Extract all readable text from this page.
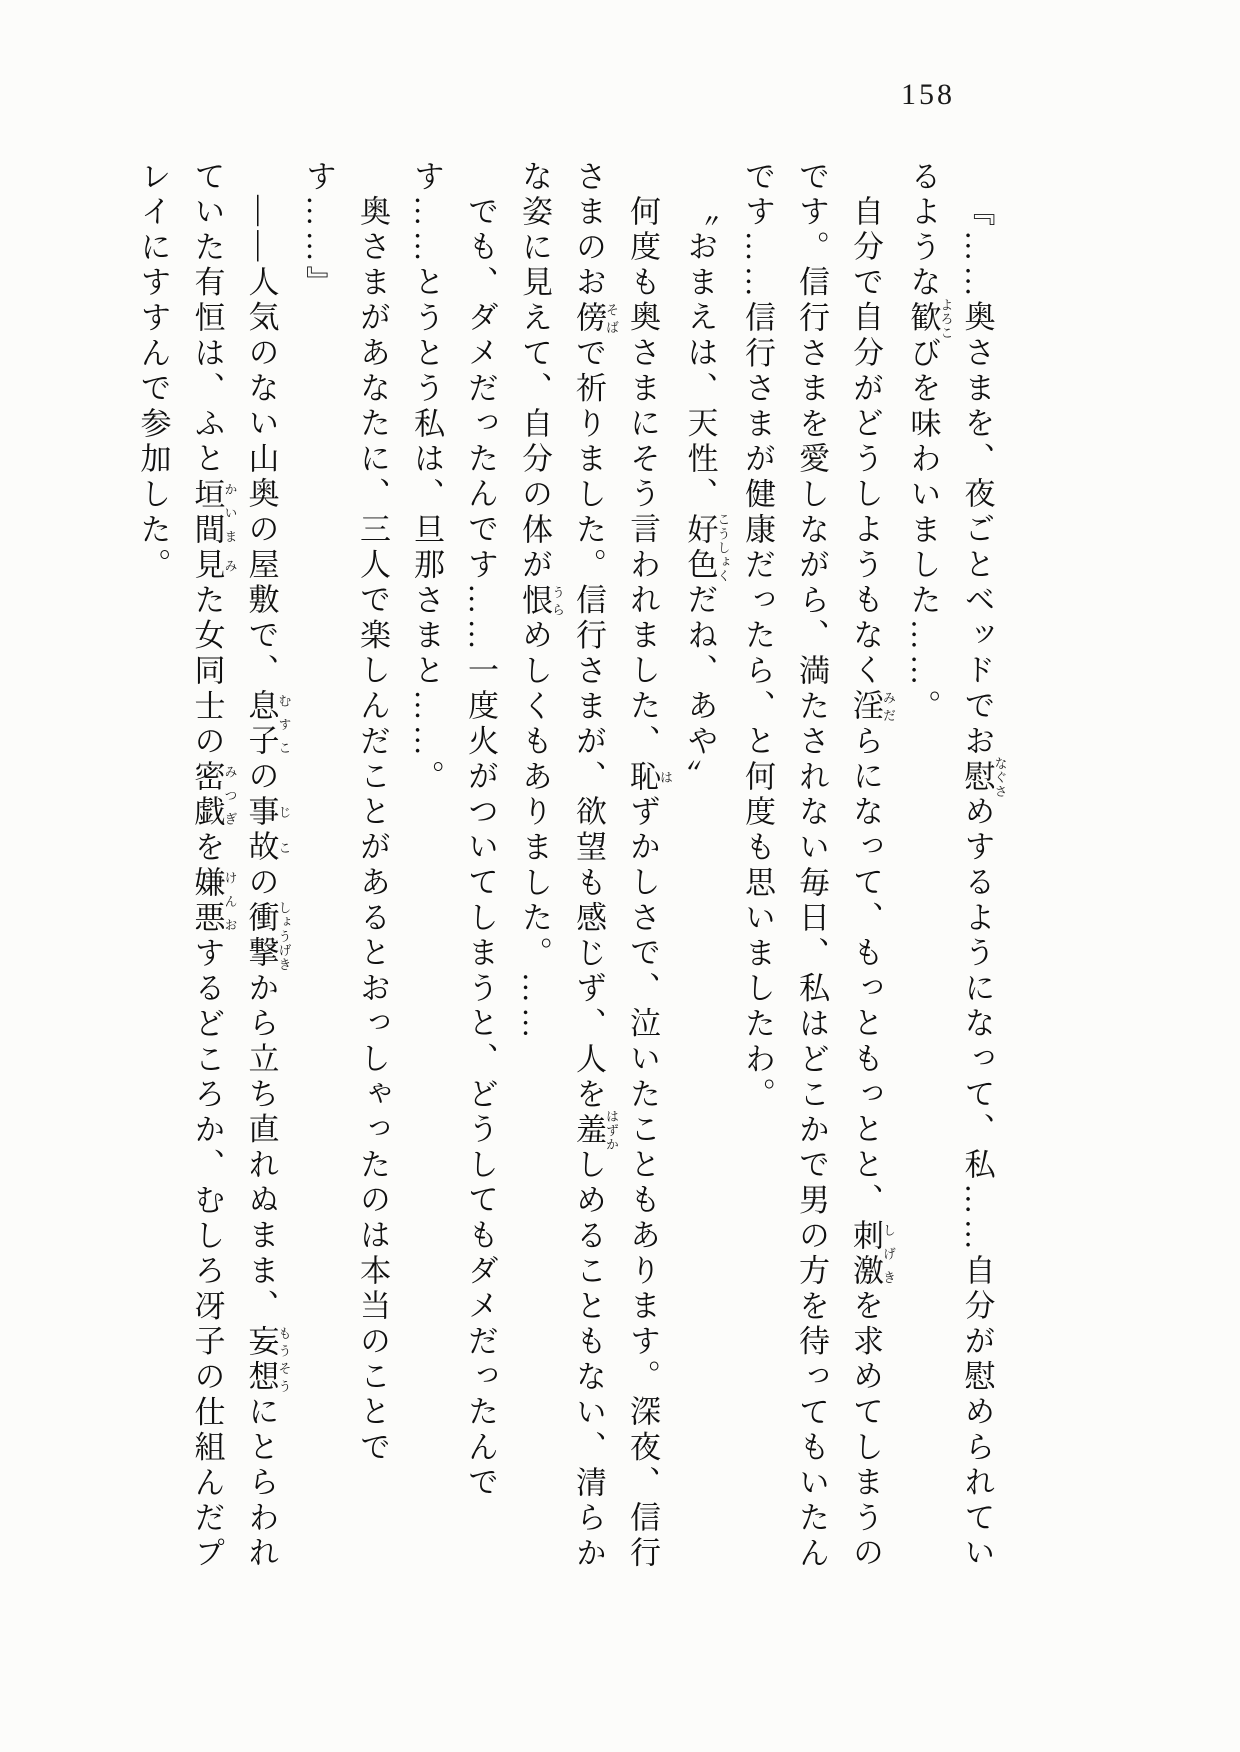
158

『……奥さまを、夜ごとベッドでお慰なぐさめするようになって、私……自分が慰められているような歓よろこびを味わいました……。

自分で自分がどうしようもなく淫みだらになって、もっともっとと、刺激しげきを求めてしまうのです。信行さまを愛しながら、満たされない毎日、私はどこかで男の方を待ってもいたんです……信行さまが健康だったら、と何度も思いましたわ。

〝おまえは、天性、好色こうしょくだね、あや〟

何度も奥さまにそう言われました、恥はずかしさで、泣いたこともあります。深夜、信行さまのお傍そばで祈りました。信行さまが、欲望も感じず、人を羞はずかしめることもない、清らかな姿に見えて、自分の体が恨うらめしくもありました。……

でも、ダメだったんです……一度火がついてしまうと、どうしてもダメだったんです……とうとう私は、旦那さまと……。

奥さまがあなたに、三人で楽しんだことがあるとおっしゃったのは本当のことです……』

――人気のない山奥の屋敷で、息子むすこの事故じこの衝撃しょうげきから立ち直れぬまま、妄想もうそうにとらわれていた有恒は、ふと垣間かいま見みた女同士の密戯みつぎを嫌悪けんおするどころか、むしろ冴子の仕組んだプレイにすすんで参加した。
